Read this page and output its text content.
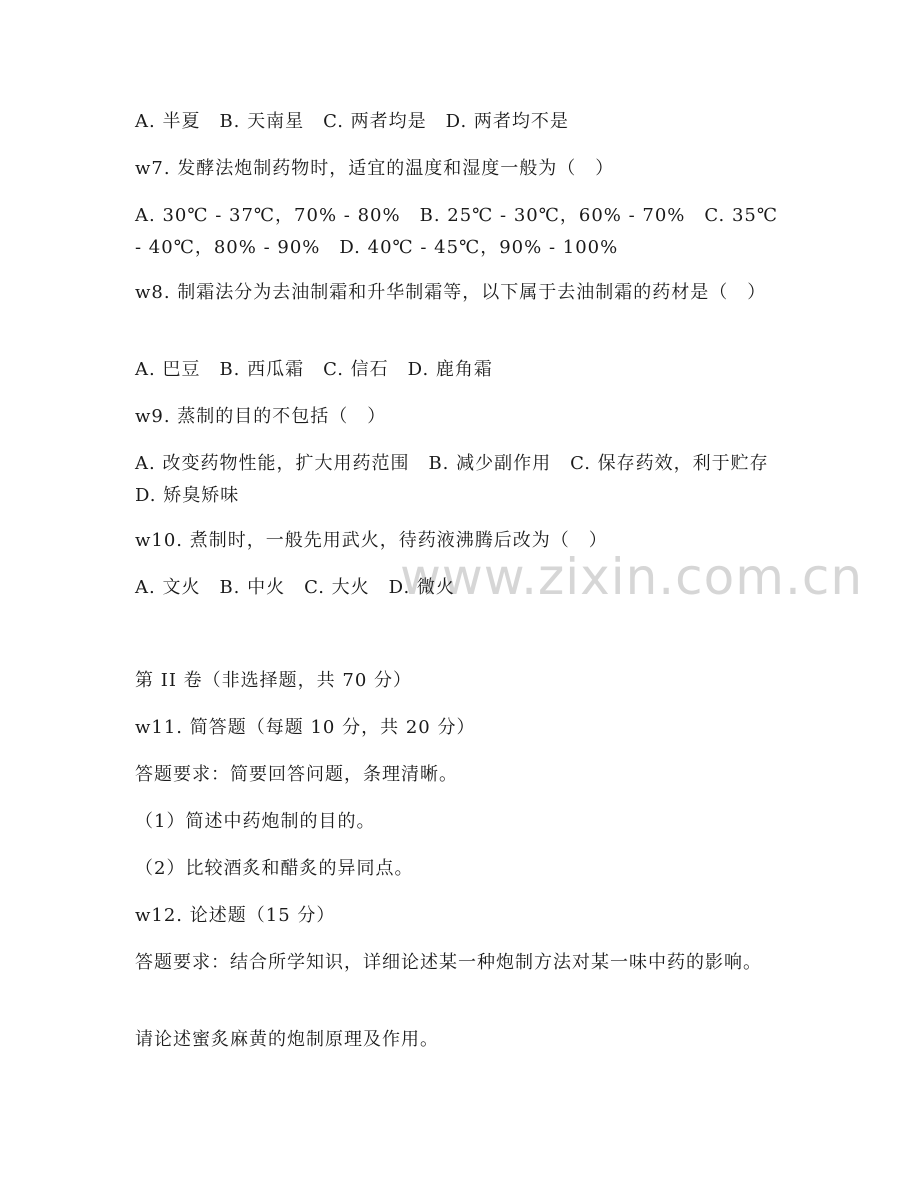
www.zixin.com.cn
A. 半夏　B. 天南星　C. 两者均是　D. 两者均不是
w7. 发酵法炮制药物时，适宜的温度和湿度一般为（　）
A. 30℃ - 37℃，70% - 80%　B. 25℃ - 30℃，60% - 70%　C. 35℃ - 40℃，80% - 90%　D. 40℃ - 45℃，90% - 100%
w8. 制霜法分为去油制霜和升华制霜等，以下属于去油制霜的药材是（　）
A. 巴豆　B. 西瓜霜　C. 信石　D. 鹿角霜
w9. 蒸制的目的不包括（　）
A. 改变药物性能，扩大用药范围　B. 减少副作用　C. 保存药效，利于贮存　D. 矫臭矫味
w10. 煮制时，一般先用武火，待药液沸腾后改为（　）
A. 文火　B. 中火　C. 大火　D. 微火
第 II 卷（非选择题，共 70 分）
w11. 简答题（每题 10 分，共 20 分）
答题要求：简要回答问题，条理清晰。
（1）简述中药炮制的目的。
（2）比较酒炙和醋炙的异同点。
w12. 论述题（15 分）
答题要求：结合所学知识，详细论述某一种炮制方法对某一味中药的影响。
请论述蜜炙麻黄的炮制原理及作用。
